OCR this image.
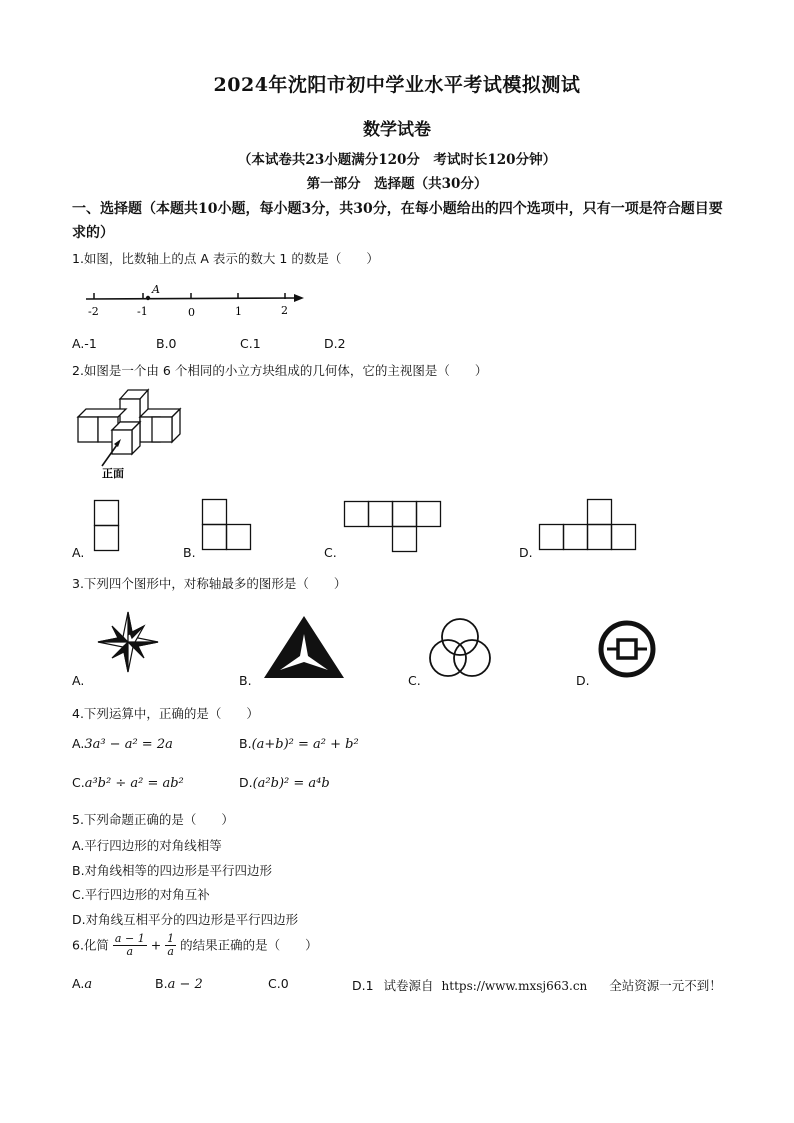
2024年沈阳市初中学业水平考试模拟测试
数学试卷
（本试卷共23小题满分120分　考试时长120分钟）
第一部分　选择题（共30分）
一、选择题（本题共10小题，每小题3分，共30分，在每小题给出的四个选项中，只有一项是符合题目要求的）
1.如图，比数轴上的点 A 表示的数大 1 的数是（　　）
A
-2	-1	0	1	2
A.-1	B.0	C.1	D.2
2.如图是一个由 6 个相同的小立方块组成的几何体，它的主视图是（　　）
正面
A.	B.	C.	D.
3.下列四个图形中，对称轴最多的图形是（　　）
A.	B.	C.	D.
4.下列运算中，正确的是（　　）
A.3a³ − a² = 2a	B.(a+b)² = a² + b²
C.a³b² ÷ a² = ab²	D.(a²b)² = a⁴b
5.下列命题正确的是（　　）
A.平行四边形的对角线相等
B.对角线相等的四边形是平行四边形
C.平行四边形的对角互补
D.对角线互相平分的四边形是平行四边形
6.化简 $\frac{a - 1}{a} + \frac{1}{a}$ 的结果正确的是（　　）
A.a	B.a − 2	C.0	D.1 试卷源自 https://www.mxsj663.cn 全站资源一元不到！
